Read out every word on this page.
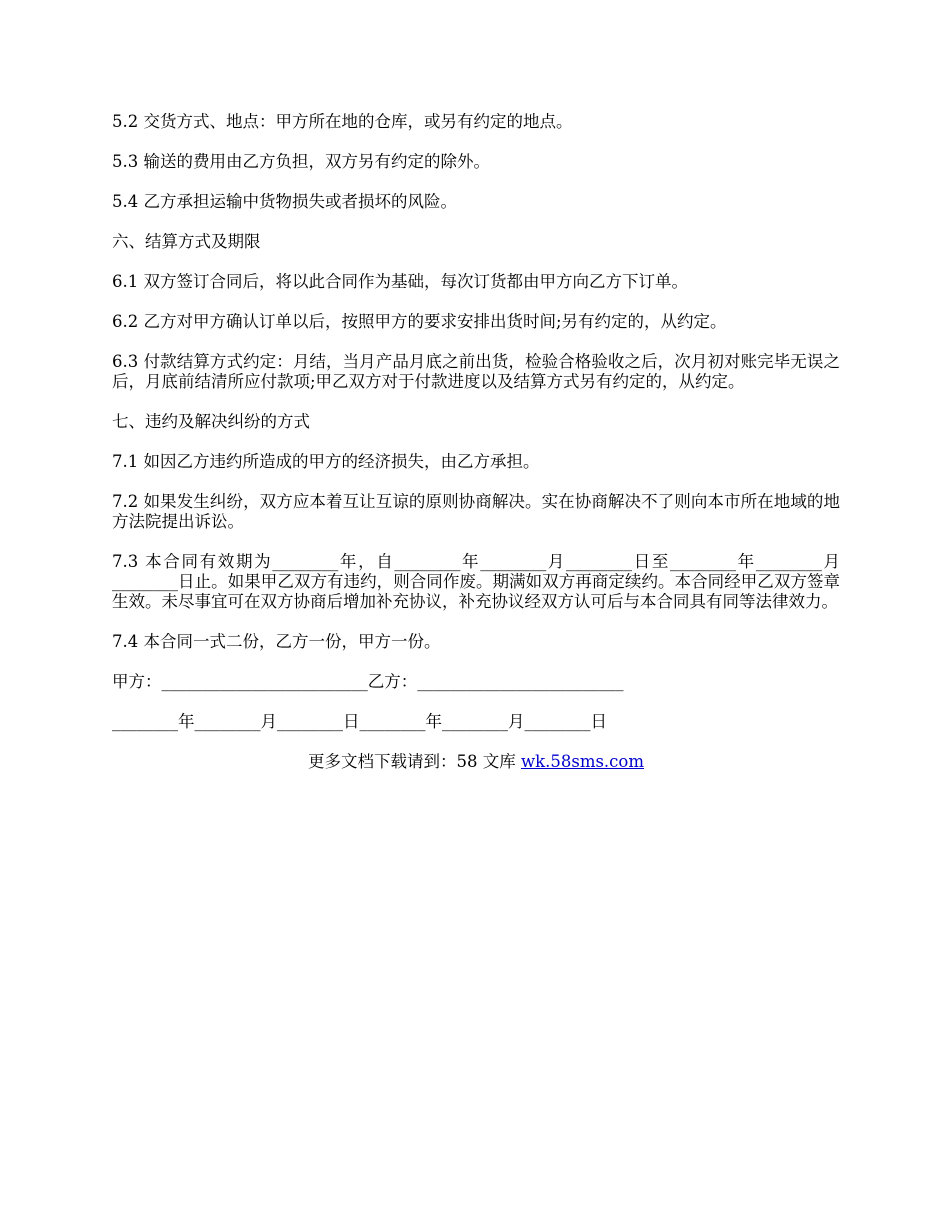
5.2 交货方式、地点：甲方所在地的仓库，或另有约定的地点。

5.3 输送的费用由乙方负担，双方另有约定的除外。

5.4 乙方承担运输中货物损失或者损坏的风险。

六、结算方式及期限

6.1 双方签订合同后，将以此合同作为基础，每次订货都由甲方向乙方下订单。

6.2 乙方对甲方确认订单以后，按照甲方的要求安排出货时间;另有约定的，从约定。

6.3 付款结算方式约定：月结，当月产品月底之前出货，检验合格验收之后，次月初对账完毕无误之后，月底前结清所应付款项;甲乙双方对于付款进度以及结算方式另有约定的，从约定。

七、违约及解决纠纷的方式

7.1 如因乙方违约所造成的甲方的经济损失，由乙方承担。

7.2 如果发生纠纷，双方应本着互让互谅的原则协商解决。实在协商解决不了则向本市所在地域的地方法院提出诉讼。

7.3 本合同有效期为________年，自________年________月________日至________年________月________日止。如果甲乙双方有违约，则合同作废。期满如双方再商定续约。本合同经甲乙双方签章生效。未尽事宜可在双方协商后增加补充协议，补充协议经双方认可后与本合同具有同等法律效力。

7.4 本合同一式二份，乙方一份，甲方一份。

甲方：_________________________乙方：_________________________
________年________月________日________年________月________日
更多文档下载请到：58 文库 wk.58sms.com
